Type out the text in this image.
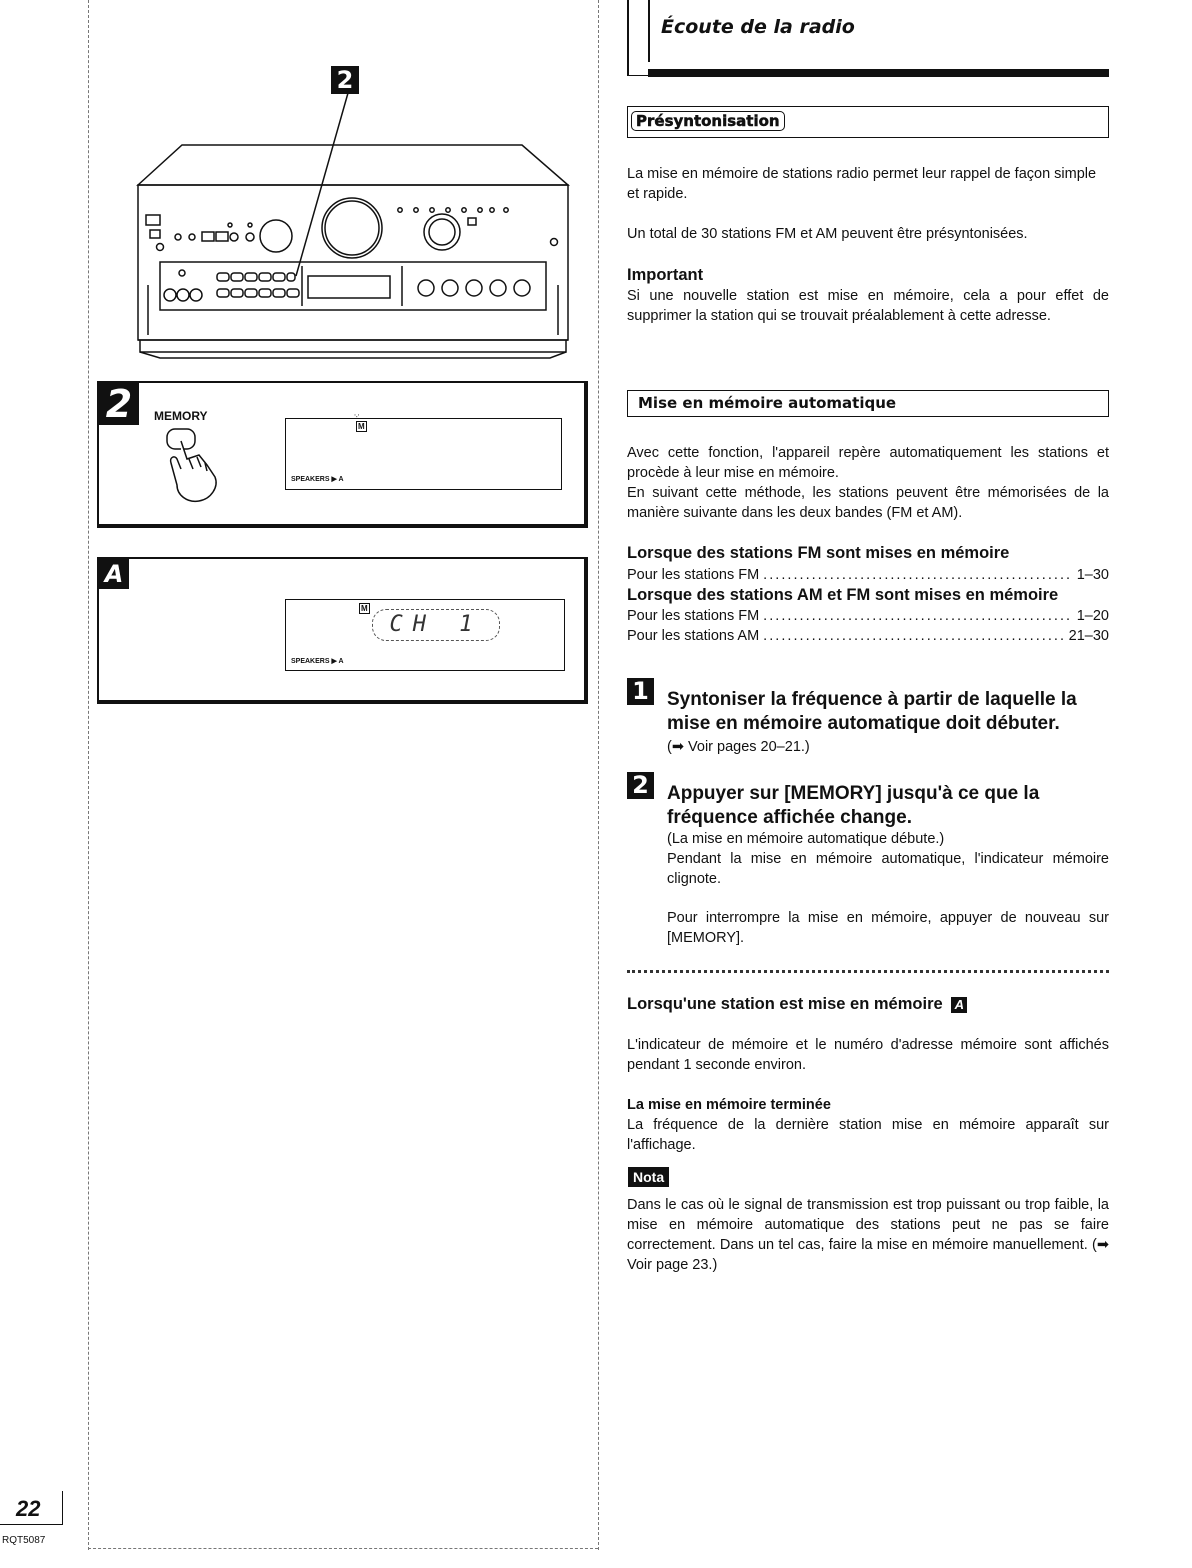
Écoute de la radio
Présyntonisation
La mise en mémoire de stations radio permet leur rappel de façon simple et rapide.
Un total de 30 stations FM et AM peuvent être présyntonisées.
Important
Si une nouvelle station est mise en mémoire, cela a pour effet de supprimer la station qui se trouvait préalablement à cette adresse.
Mise en mémoire automatique
Avec cette fonction, l'appareil repère automatiquement les stations et procède à leur mise en mémoire.
En suivant cette méthode, les stations peuvent être mémorisées de la manière suivante dans les deux bandes (FM et AM).
Lorsque des stations FM sont mises en mémoire
Pour les stations FM . . .	1–30
Lorsque des stations AM et FM sont mises en mémoire
Pour les stations FM . . .	1–20
Pour les stations AM . . .	21–30
1 Syntoniser la fréquence à partir de laquelle la mise en mémoire automatique doit débuter.
(➡ Voir pages 20–21.)
2 Appuyer sur [MEMORY] jusqu'à ce que la fréquence affichée change.
(La mise en mémoire automatique débute.)
Pendant la mise en mémoire automatique, l'indicateur mémoire clignote.
Pour interrompre la mise en mémoire, appuyer de nouveau sur [MEMORY].
Lorsqu'une station est mise en mémoire A
L'indicateur de mémoire et le numéro d'adresse mémoire sont affichés pendant 1 seconde environ.
La mise en mémoire terminée
La fréquence de la dernière station mise en mémoire apparaît sur l'affichage.
Nota
Dans le cas où le signal de transmission est trop puissant ou trop faible, la mise en mémoire automatique des stations peut ne pas se faire correctement. Dans un tel cas, faire la mise en mémoire manuellement. (➡ Voir page 23.)
2
2	MEMORY
M
⁙
SPEAKERS ▶ A
A
M
CH 1
SPEAKERS ▶ A
22
RQT5087
